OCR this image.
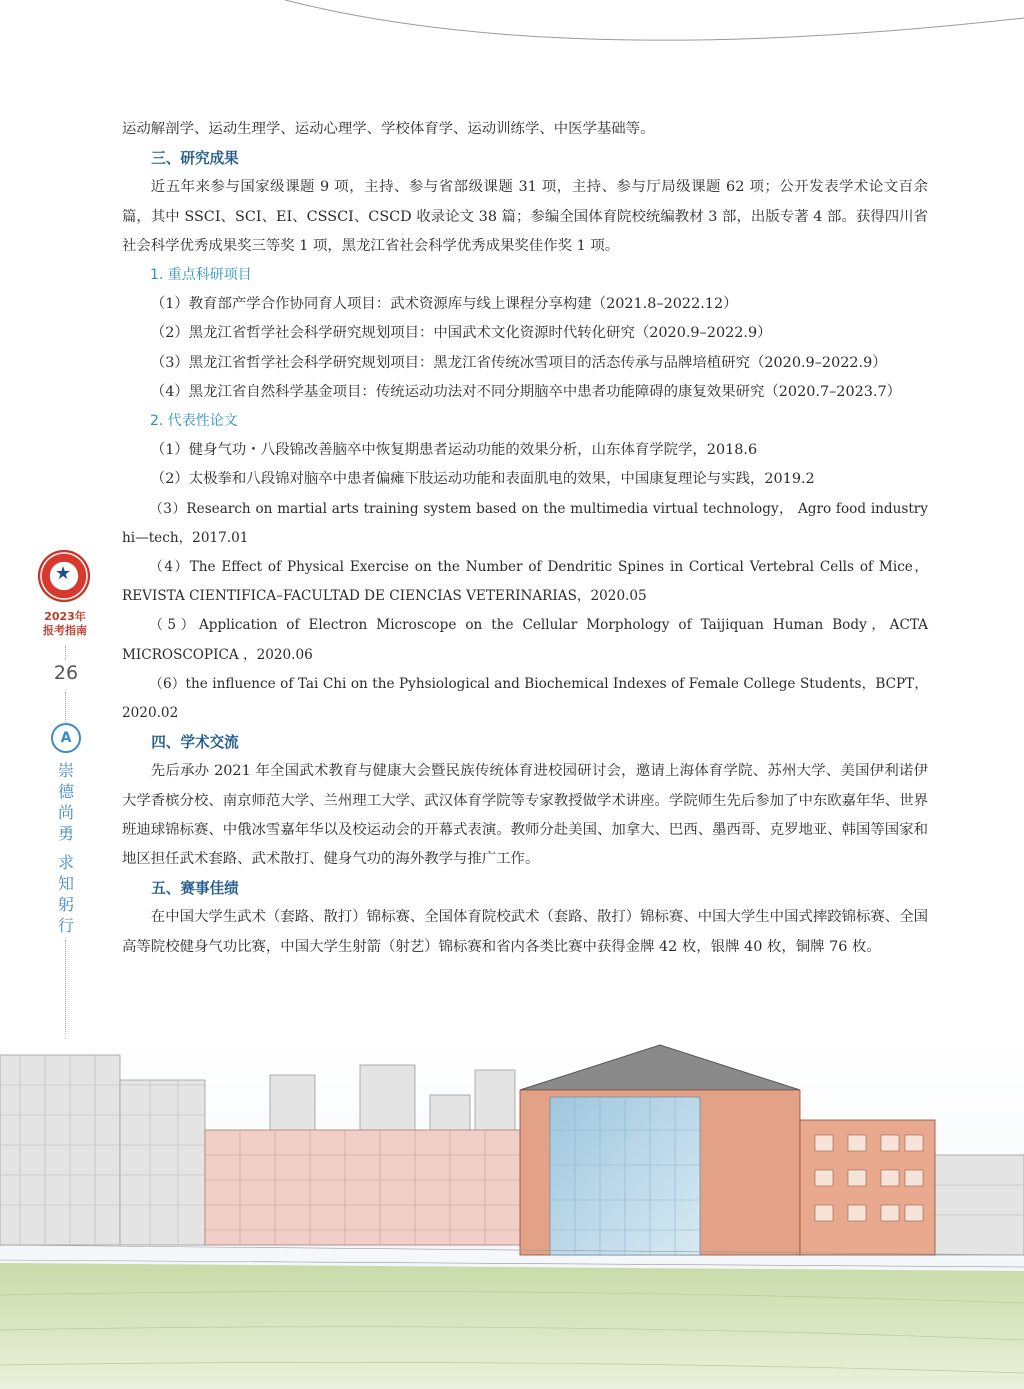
运动解剖学、运动生理学、运动心理学、学校体育学、运动训练学、中医学基础等。

三、研究成果

近五年来参与国家级课题 9 项，主持、参与省部级课题 31 项，主持、参与厅局级课题 62 项；公开发表学术论文百余篇，其中 SSCI、SCI、EI、CSSCI、CSCD 收录论文 38 篇；参编全国体育院校统编教材 3 部，出版专著 4 部。获得四川省社会科学优秀成果奖三等奖 1 项，黑龙江省社会科学优秀成果奖佳作奖 1 项。

1. 重点科研项目

（1）教育部产学合作协同育人项目：武术资源库与线上课程分享构建（2021.8–2022.12）

（2）黑龙江省哲学社会科学研究规划项目：中国武术文化资源时代转化研究（2020.9–2022.9）

（3）黑龙江省哲学社会科学研究规划项目：黑龙江省传统冰雪项目的活态传承与品牌培植研究（2020.9–2022.9）

（4）黑龙江省自然科学基金项目：传统运动功法对不同分期脑卒中患者功能障碍的康复效果研究（2020.7–2023.7）

2. 代表性论文

（1）健身气功・八段锦改善脑卒中恢复期患者运动功能的效果分析，山东体育学院学，2018.6

（2）太极拳和八段锦对脑卒中患者偏瘫下肢运动功能和表面肌电的效果，中国康复理论与实践，2019.2

（3）Research on martial arts training system based on the multimedia virtual technology， Agro food industry hi—tech，2017.01

（4）The Effect of Physical Exercise on the Number of Dendritic Spines in Cortical Vertebral Cells of Mice，REVISTA CIENTIFICA–FACULTAD DE CIENCIAS VETERINARIAS，2020.05

（5）Application of Electron Microscope on the Cellular Morphology of Taijiquan Human Body，ACTA MICROSCOPICA ，2020.06

（6）the influence of Tai Chi on the Pyhsiological and Biochemical Indexes of Female College Students，BCPT，2020.02

四、学术交流

先后承办 2021 年全国武术教育与健康大会暨民族传统体育进校园研讨会，邀请上海体育学院、苏州大学、美国伊利诺伊大学香槟分校、南京师范大学、兰州理工大学、武汉体育学院等专家教授做学术讲座。学院师生先后参加了中东欧嘉年华、世界班迪球锦标赛、中俄冰雪嘉年华以及校运动会的开幕式表演。教师分赴美国、加拿大、巴西、墨西哥、克罗地亚、韩国等国家和地区担任武术套路、武术散打、健身气功的海外教学与推广工作。

五、赛事佳绩

在中国大学生武术（套路、散打）锦标赛、全国体育院校武术（套路、散打）锦标赛、中国大学生中国式摔跤锦标赛、全国高等院校健身气功比赛，中国大学生射箭（射艺）锦标赛和省内各类比赛中获得金牌 42 枚，银牌 40 枚，铜牌 76 枚。

★
2023年
报考指南
26
A
崇
德
尚
勇
求
知
躬
行
